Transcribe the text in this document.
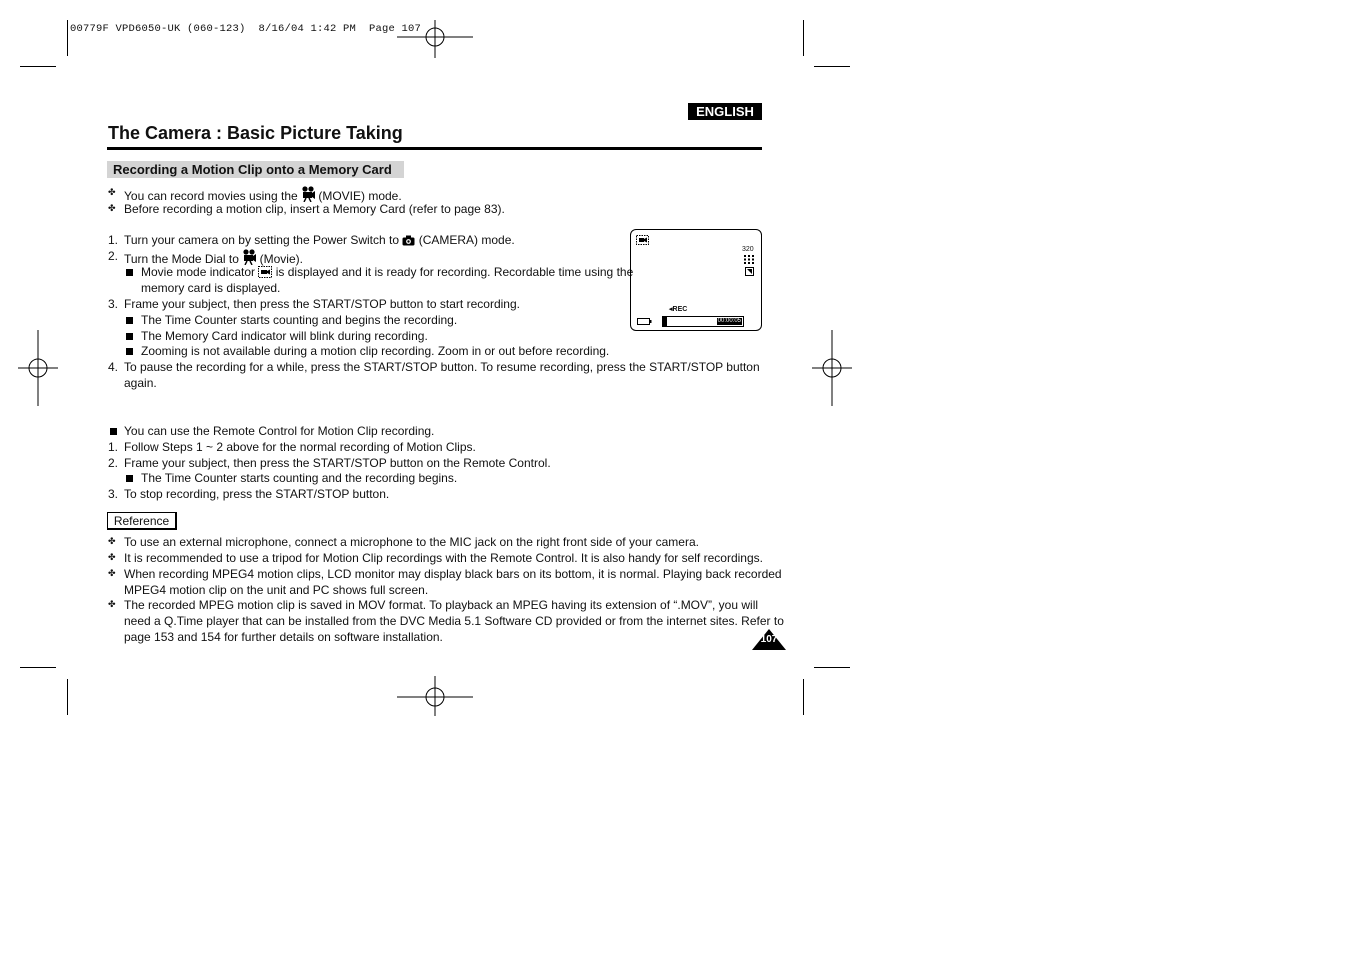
00779F VPD6050-UK (060-123)  8/16/04 1:42 PM  Page 107
ENGLISH
The Camera : Basic Picture Taking
Recording a Motion Clip onto a Memory Card
✤ You can record movies using the  (MOVIE) mode.
✤ Before recording a motion clip, insert a Memory Card (refer to page 83).
1. Turn your camera on by setting the Power Switch to  (CAMERA) mode.
2. Turn the Mode Dial to  (Movie).
Movie mode indicator  is displayed and it is ready for recording. Recordable time using the
memory card is displayed.
3. Frame your subject, then press the START/STOP button to start recording.
The Time Counter starts counting and begins the recording.
The Memory Card indicator will blink during recording.
Zooming is not available during a motion clip recording. Zoom in or out before recording.
4. To pause the recording for a while, press the START/STOP button. To resume recording, press the START/STOP button
again.
320
◂REC
00:00:05
You can use the Remote Control for Motion Clip recording.
1. Follow Steps 1 ~ 2 above for the normal recording of Motion Clips.
2. Frame your subject, then press the START/STOP button on the Remote Control.
The Time Counter starts counting and the recording begins.
3. To stop recording, press the START/STOP button.
Reference
✤ To use an external microphone, connect a microphone to the MIC jack on the right front side of your camera.
✤ It is recommended to use a tripod for Motion Clip recordings with the Remote Control. It is also handy for self recordings.
✤ When recording MPEG4 motion clips, LCD monitor may display black bars on its bottom, it is normal. Playing back recorded
MPEG4 motion clip on the unit and PC shows full screen.
✤ The recorded MPEG motion clip is saved in MOV format. To playback an MPEG having its extension of “.MOV”, you will
need a Q.Time player that can be installed from the DVC Media 5.1 Software CD provided or from the internet sites. Refer to
page 153 and 154 for further details on software installation.	107
